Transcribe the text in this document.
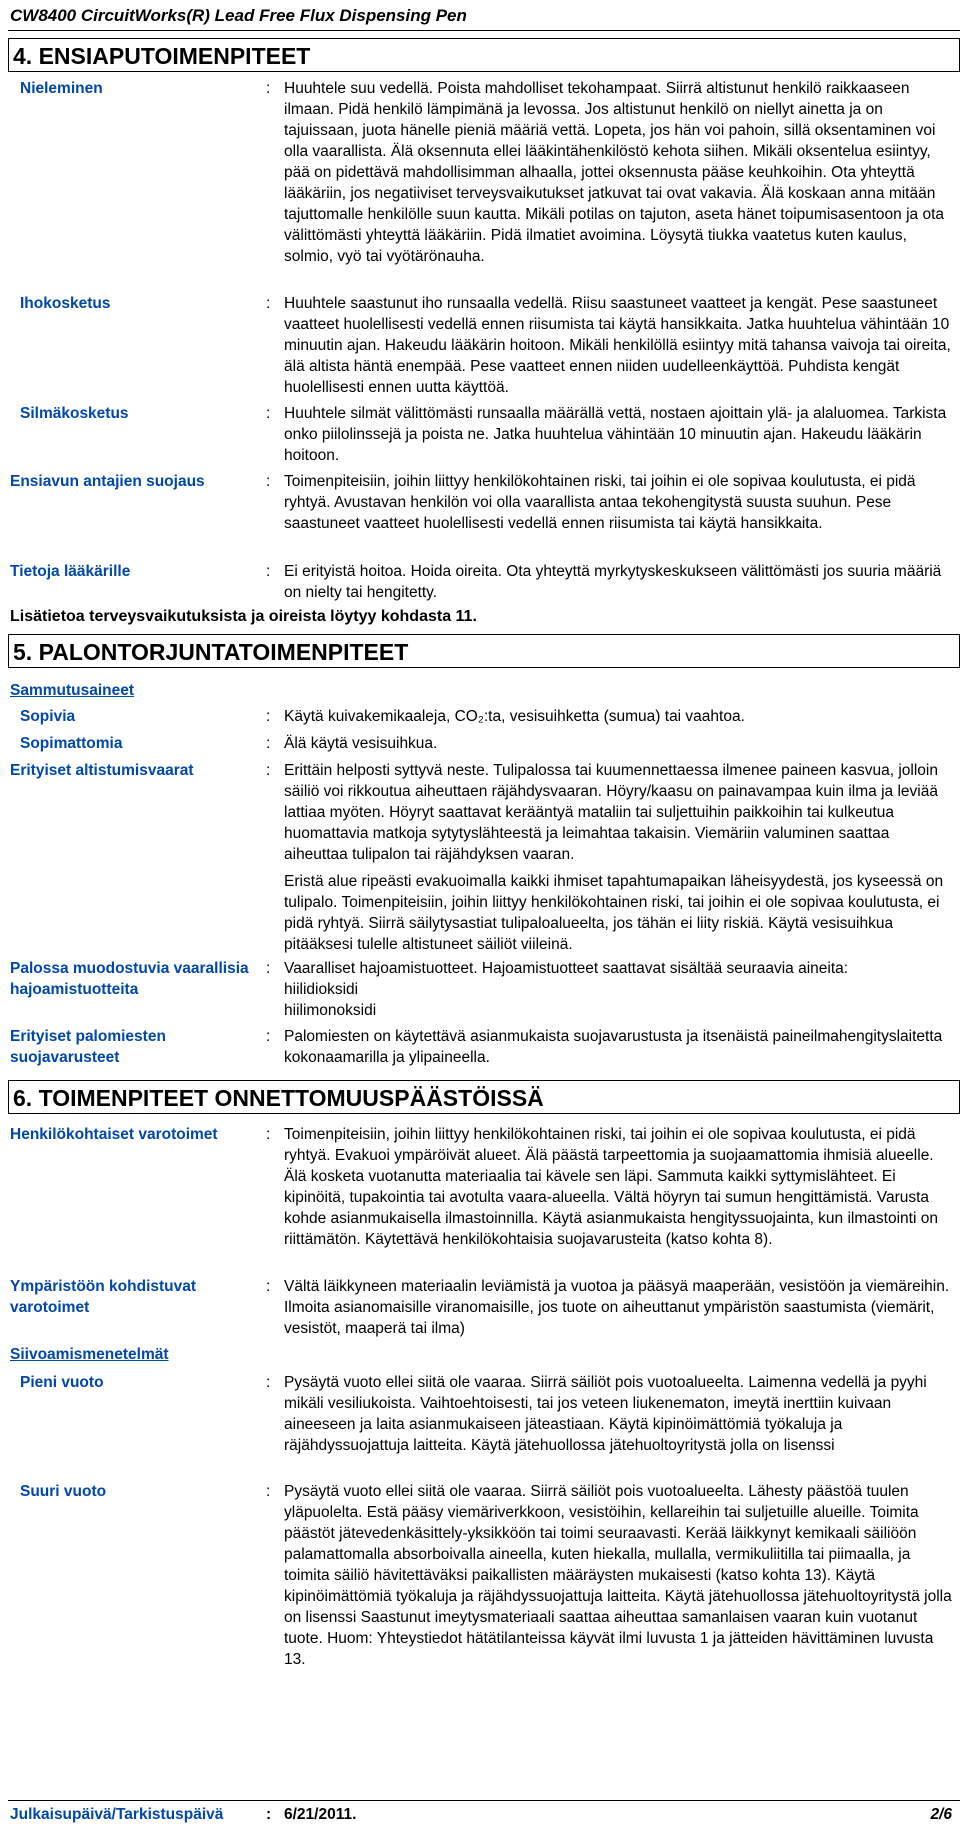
CW8400 CircuitWorks(R) Lead Free Flux Dispensing Pen
4. ENSIAPUTOIMENPITEET
Nieleminen	: Huuhtele suu vedellä. Poista mahdolliset tekohampaat. Siirrä altistunut henkilö raikkaaseen ilmaan. Pidä henkilö lämpimänä ja levossa. Jos altistunut henkilö on niellyt ainetta ja on tajuissaan, juota hänelle pieniä määriä vettä. Lopeta, jos hän voi pahoin, sillä oksentaminen voi olla vaarallista. Älä oksennuta ellei lääkintähenkilöstö kehota siihen. Mikäli oksentelua esiintyy, pää on pidettävä mahdollisimman alhaalla, jottei oksennusta pääse keuhkoihin. Ota yhteyttä lääkäriin, jos negatiiviset terveysvaikutukset jatkuvat tai ovat vakavia. Älä koskaan anna mitään tajuttomalle henkilölle suun kautta. Mikäli potilas on tajuton, aseta hänet toipumisasentoon ja ota välittömästi yhteyttä lääkäriin. Pidä ilmatiet avoimina. Löysytä tiukka vaatetus kuten kaulus, solmio, vyö tai vyötärönauha.
Ihokosketus	: Huuhtele saastunut iho runsaalla vedellä. Riisu saastuneet vaatteet ja kengät. Pese saastuneet vaatteet huolellisesti vedellä ennen riisumista tai käytä hansikkaita. Jatka huuhtelua vähintään 10 minuutin ajan. Hakeudu lääkärin hoitoon. Mikäli henkilöllä esiintyy mitä tahansa vaivoja tai oireita, älä altista häntä enempää. Pese vaatteet ennen niiden uudelleenkäyttöä. Puhdista kengät huolellisesti ennen uutta käyttöä.
Silmäkosketus	: Huuhtele silmät välittömästi runsaalla määrällä vettä, nostaen ajoittain ylä- ja alaluomea. Tarkista onko piilolinssejä ja poista ne. Jatka huuhtelua vähintään 10 minuutin ajan. Hakeudu lääkärin hoitoon.
Ensiavun antajien suojaus	: Toimenpiteisiin, joihin liittyy henkilökohtainen riski, tai joihin ei ole sopivaa koulutusta, ei pidä ryhtyä. Avustavan henkilön voi olla vaarallista antaa tekohengitystä suusta suuhun. Pese saastuneet vaatteet huolellisesti vedellä ennen riisumista tai käytä hansikkaita.
Tietoja lääkärille	: Ei erityistä hoitoa. Hoida oireita. Ota yhteyttä myrkytyskeskukseen välittömästi jos suuria määriä on nielty tai hengitetty.
Lisätietoa terveysvaikutuksista ja oireista löytyy kohdasta 11.
5. PALONTORJUNTATOIMENPITEET
Sammutusaineet
Sopivia	: Käytä kuivakemikaaleja, CO₂:ta, vesisuihketta (sumua) tai vaahtoa.
Sopimattomia	: Älä käytä vesisuihkua.
Erityiset altistumisvaarat	: Erittäin helposti syttyvä neste. Tulipalossa tai kuumennettaessa ilmenee paineen kasvua, jolloin säiliö voi rikkoutua aiheuttaen räjähdysvaaran. Höyry/kaasu on painavampaa kuin ilma ja leviää lattiaa myöten. Höyryt saattavat kerääntyä mataliin tai suljettuihin paikkoihin tai kulkeutua huomattavia matkoja sytytyslähteestä ja leimahtaa takaisin. Viemäriin valuminen saattaa aiheuttaa tulipalon tai räjähdyksen vaaran.

Eristä alue ripeästi evakuoimalla kaikki ihmiset tapahtumapaikan läheisyydestä, jos kyseessä on tulipalo. Toimenpiteisiin, joihin liittyy henkilökohtainen riski, tai joihin ei ole sopivaa koulutusta, ei pidä ryhtyä. Siirrä säilytysastiat tulipaloalueelta, jos tähän ei liity riskiä. Käytä vesisuihkua pitääksesi tulelle altistuneet säiliöt viileinä.

Palossa muodostuvia vaarallisia hajoamistuotteita
: Vaaralliset hajoamistuotteet. Hajoamistuotteet saattavat sisältää seuraavia aineita:
hiilidioksidi
hiilimonoksidi
Erityiset palomiesten suojavarusteet
: Palomiesten on käytettävä asianmukaista suojavarustusta ja itsenäistä paineilmahengityslaitetta kokonaamarilla ja ylipaineella.
6. TOIMENPITEET ONNETTOMUUSPÄÄSTÖISSÄ
Henkilökohtaiset varotoimet	: Toimenpiteisiin, joihin liittyy henkilökohtainen riski, tai joihin ei ole sopivaa koulutusta, ei pidä ryhtyä. Evakuoi ympäröivät alueet. Älä päästä tarpeettomia ja suojaamattomia ihmisiä alueelle. Älä kosketa vuotanutta materiaalia tai kävele sen läpi. Sammuta kaikki syttymislähteet. Ei kipinöitä, tupakointia tai avotulta vaara-alueella. Vältä höyryn tai sumun hengittämistä. Varusta kohde asianmukaisella ilmastoinnilla. Käytä asianmukaista hengityssuojainta, kun ilmastointi on riittämätön. Käytettävä henkilökohtaisia suojavarusteita (katso kohta 8).
Ympäristöön kohdistuvat varotoimet
: Vältä läikkyneen materiaalin leviämistä ja vuotoa ja pääsyä maaperään, vesistöön ja viemäreihin. Ilmoita asianomaisille viranomaisille, jos tuote on aiheuttanut ympäristön saastumista (viemärit, vesistöt, maaperä tai ilma)
Siivoamismenetelmät
Pieni vuoto	: Pysäytä vuoto ellei siitä ole vaaraa. Siirrä säiliöt pois vuotoalueelta. Laimenna vedellä ja pyyhi mikäli vesiliukoista. Vaihtoehtoisesti, tai jos veteen liukenematon, imeytä inerttiin kuivaan aineeseen ja laita asianmukaiseen jäteastiaan. Käytä kipinöimättömiä työkaluja ja räjähdyssuojattuja laitteita. Käytä jätehuollossa jätehuoltoyritystä jolla on lisenssi
Suuri vuoto	: Pysäytä vuoto ellei siitä ole vaaraa. Siirrä säiliöt pois vuotoalueelta. Lähesty päästöä tuulen yläpuolelta. Estä pääsy viemäriverkkoon, vesistöihin, kellareihin tai suljetuille alueille. Toimita päästöt jätevedenkäsittely-yksikköön tai toimi seuraavasti. Kerää läikkynyt kemikaali säiliöön palamattomalla absorboivalla aineella, kuten hiekalla, mullalla, vermikuliitilla tai piimaalla, ja toimita säiliö hävitettäväksi paikallisten määräysten mukaisesti (katso kohta 13). Käytä kipinöimättömiä työkaluja ja räjähdyssuojattuja laitteita. Käytä jätehuollossa jätehuoltoyritystä jolla on lisenssi Saastunut imeytysmateriaali saattaa aiheuttaa samanlaisen vaaran kuin vuotanut tuote. Huom: Yhteystiedot hätätilanteissa käyvät ilmi luvusta 1 ja jätteiden hävittäminen luvusta 13.
Julkaisupäivä/Tarkistuspäivä	: 6/21/2011.	2/6
